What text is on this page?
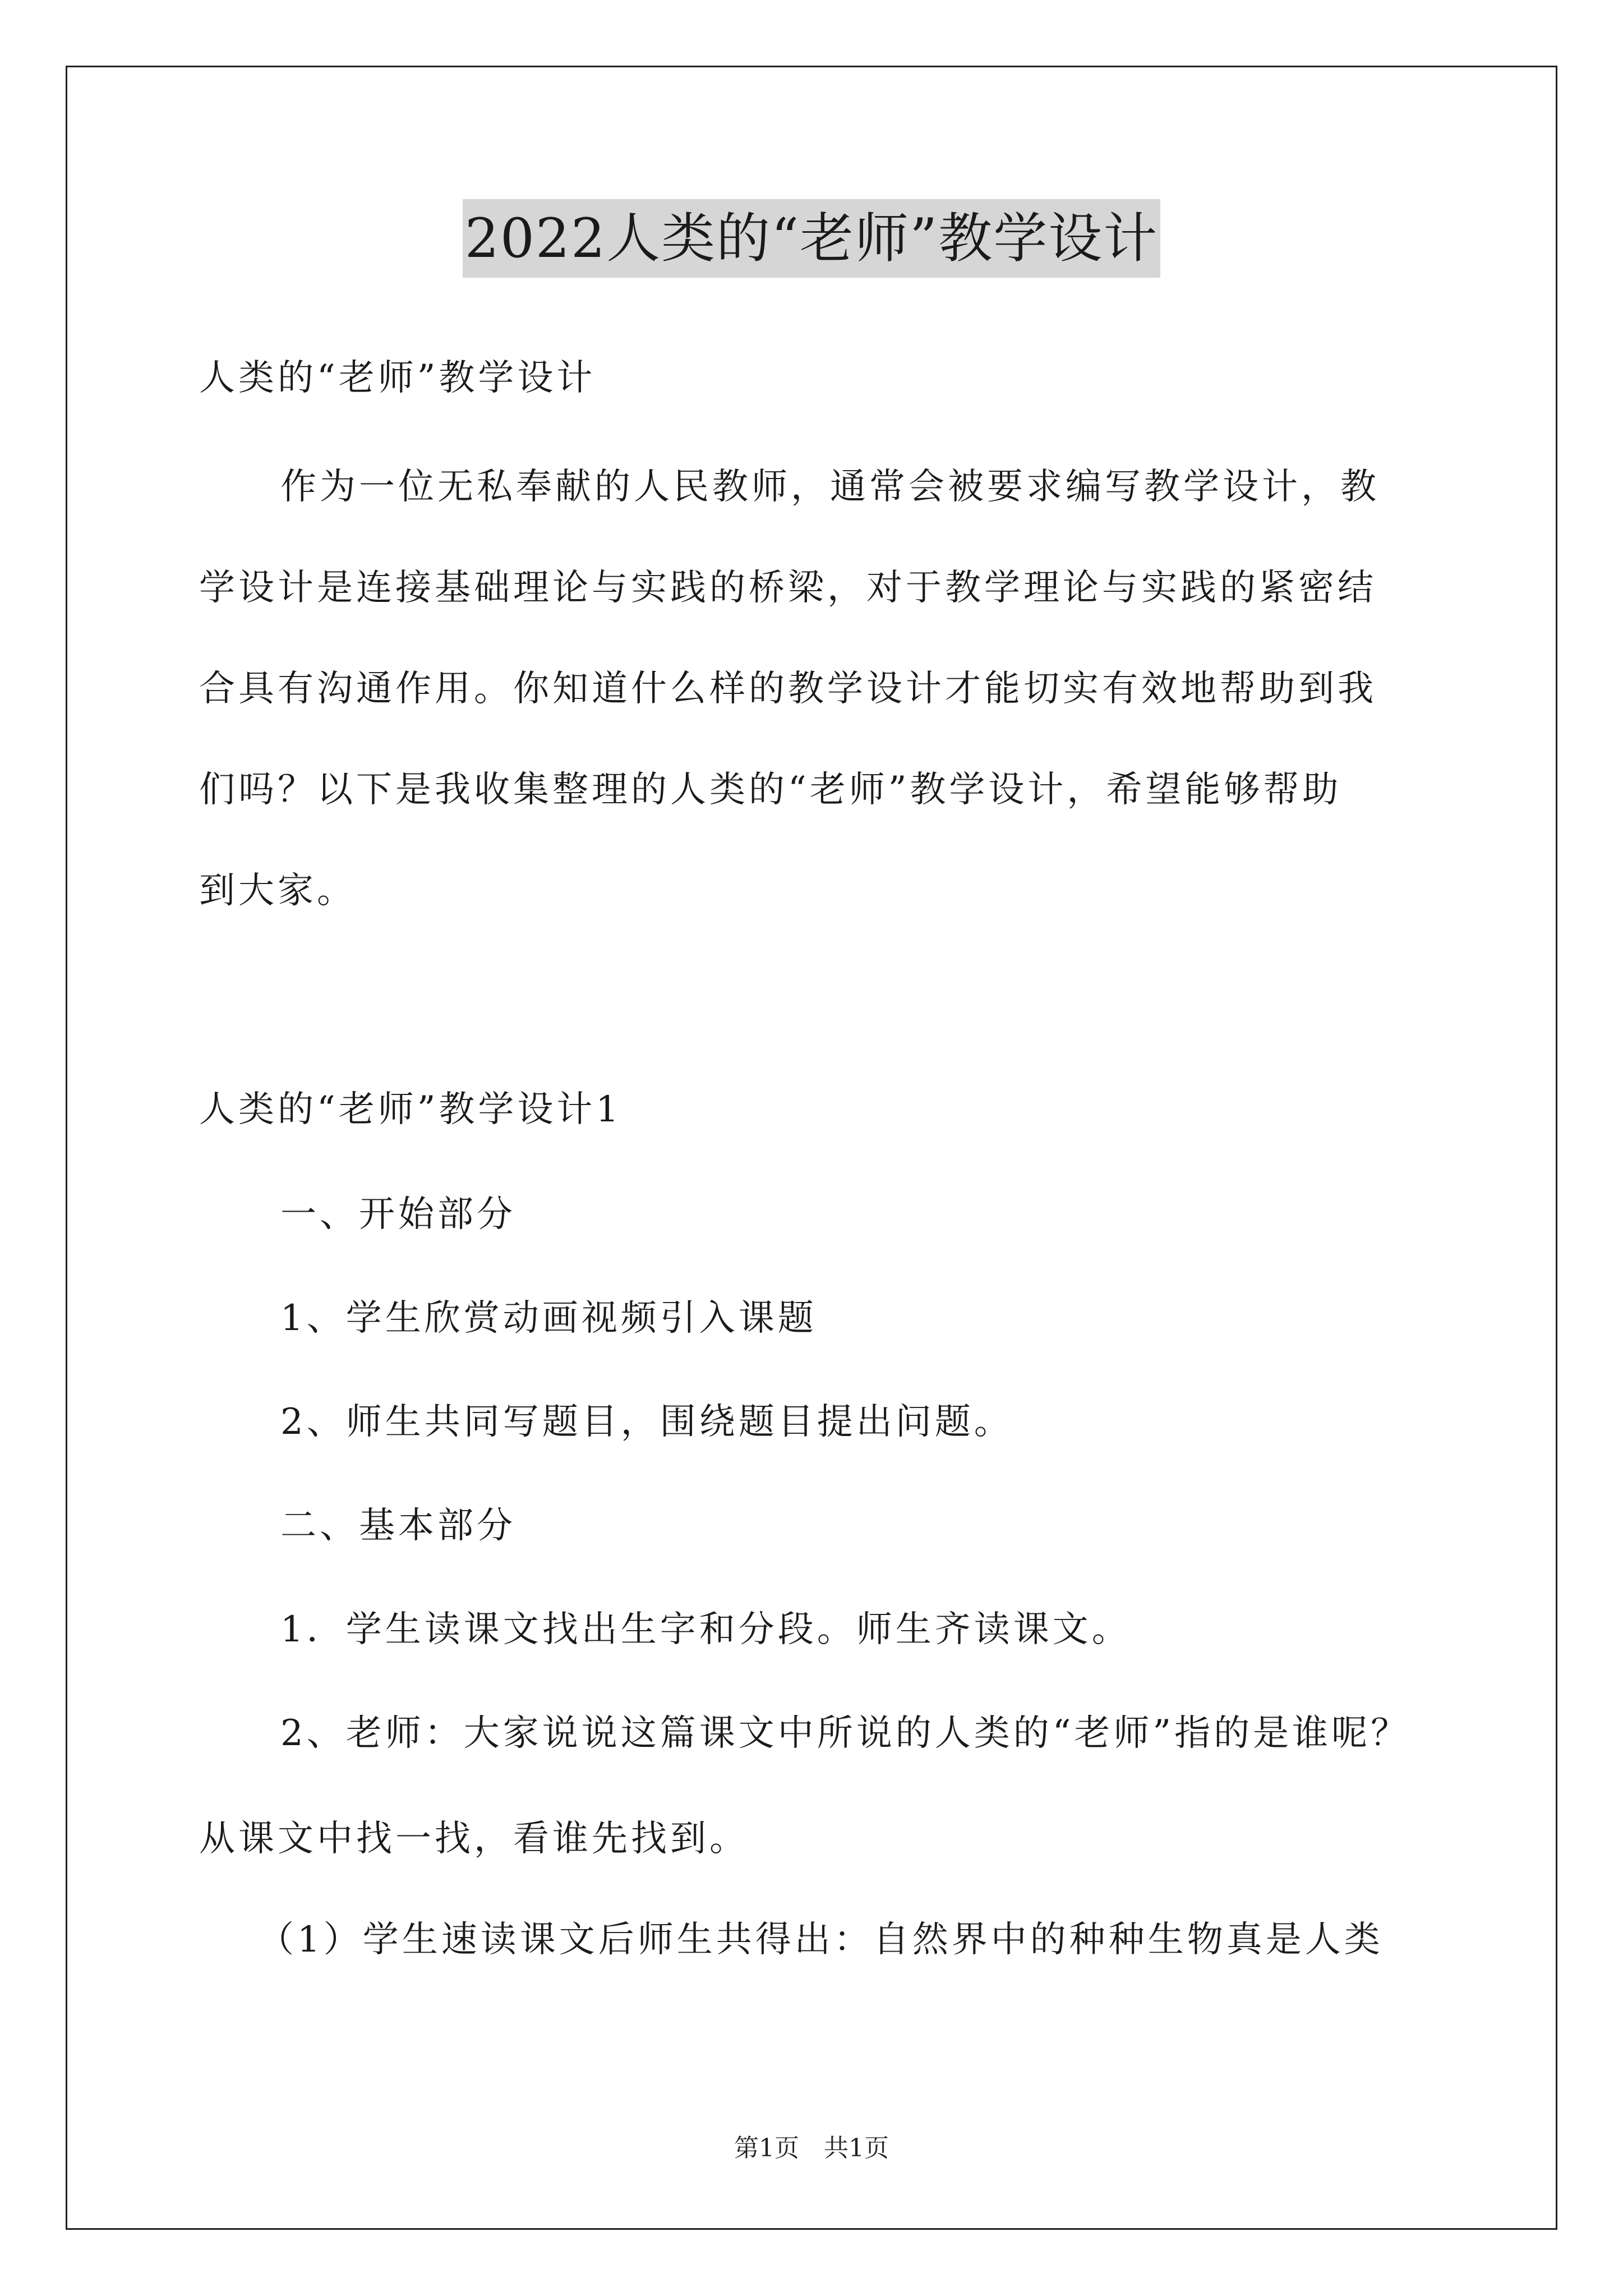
2022人类的“老师”教学设计
人类的“老师”教学设计
作为一位无私奉献的人民教师，通常会被要求编写教学设计，教
学设计是连接基础理论与实践的桥梁，对于教学理论与实践的紧密结
合具有沟通作用。你知道什么样的教学设计才能切实有效地帮助到我
们吗？以下是我收集整理的人类的“老师”教学设计，希望能够帮助
到大家。
人类的“老师”教学设计1
一、开始部分
1、学生欣赏动画视频引入课题
2、师生共同写题目，围绕题目提出问题。
二、基本部分
1．学生读课文找出生字和分段。师生齐读课文。
2、老师：大家说说这篇课文中所说的人类的“老师”指的是谁呢？
从课文中找一找，看谁先找到。
（1）学生速读课文后师生共得出：自然界中的种种生物真是人类
第1页　共1页
